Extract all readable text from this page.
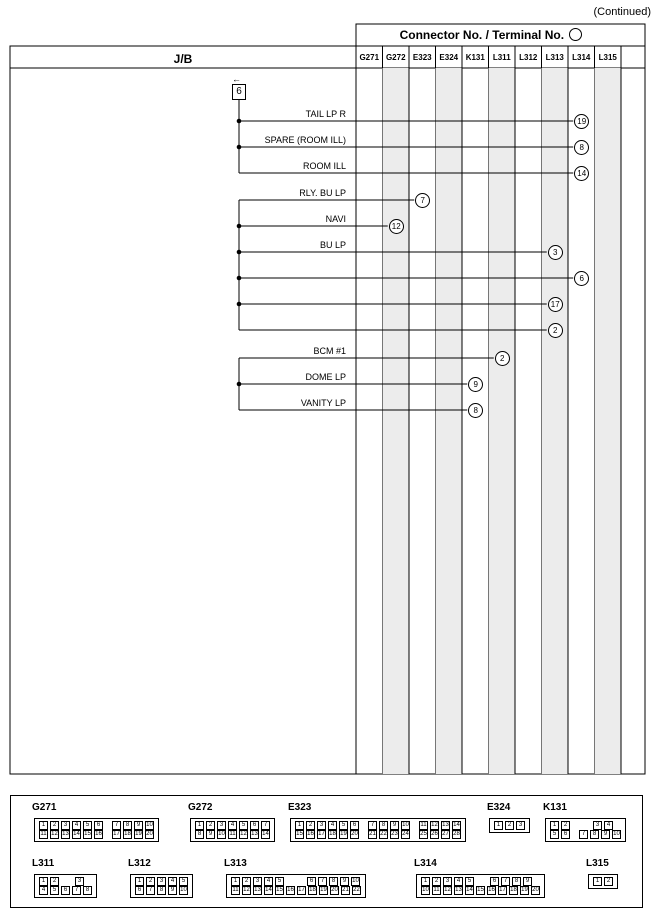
(Continued)
Connector No. / Terminal No.
J/B	G271 G272 E323 E324 K131	L311	L312	L313	L314	L315
←
6
TAIL LP R
19
SPARE (ROOM ILL)
8
ROOM ILL
14
RLY. BU LP
7
NAVI
12
BU LP
3
6
17
2
BCM #1
2
DOME LP
9
VANITY LP
8
G271
1	2	3	4	5	6	7	8	9 10
11 12 13 14 15 16 17 18 19 20
G272
1	2	3	4	5	6	7
8	9 10 11 12 13 14
E323
1	2	3	4	5	6	7	8	9 10 11 12 13 14
15 16 17 18 19 20 21 22 23 24 25 26 27 28
E324
1	2	3
K131
1	2	3	4
5	6	7	8	9 10
L311
1	2	3
4	5	6	7	8
L312
1	2	3	4	5
6	7	8	9 10
L313
1	2	3	4	5	6	7	8	9 10
11 12 13 14 15 16 17 18 19 20 21 22
L314
1	2	3	4	5	6	7	8	9
10 11 12 13 14 15 16 17 18 19 20
L315
1	2
